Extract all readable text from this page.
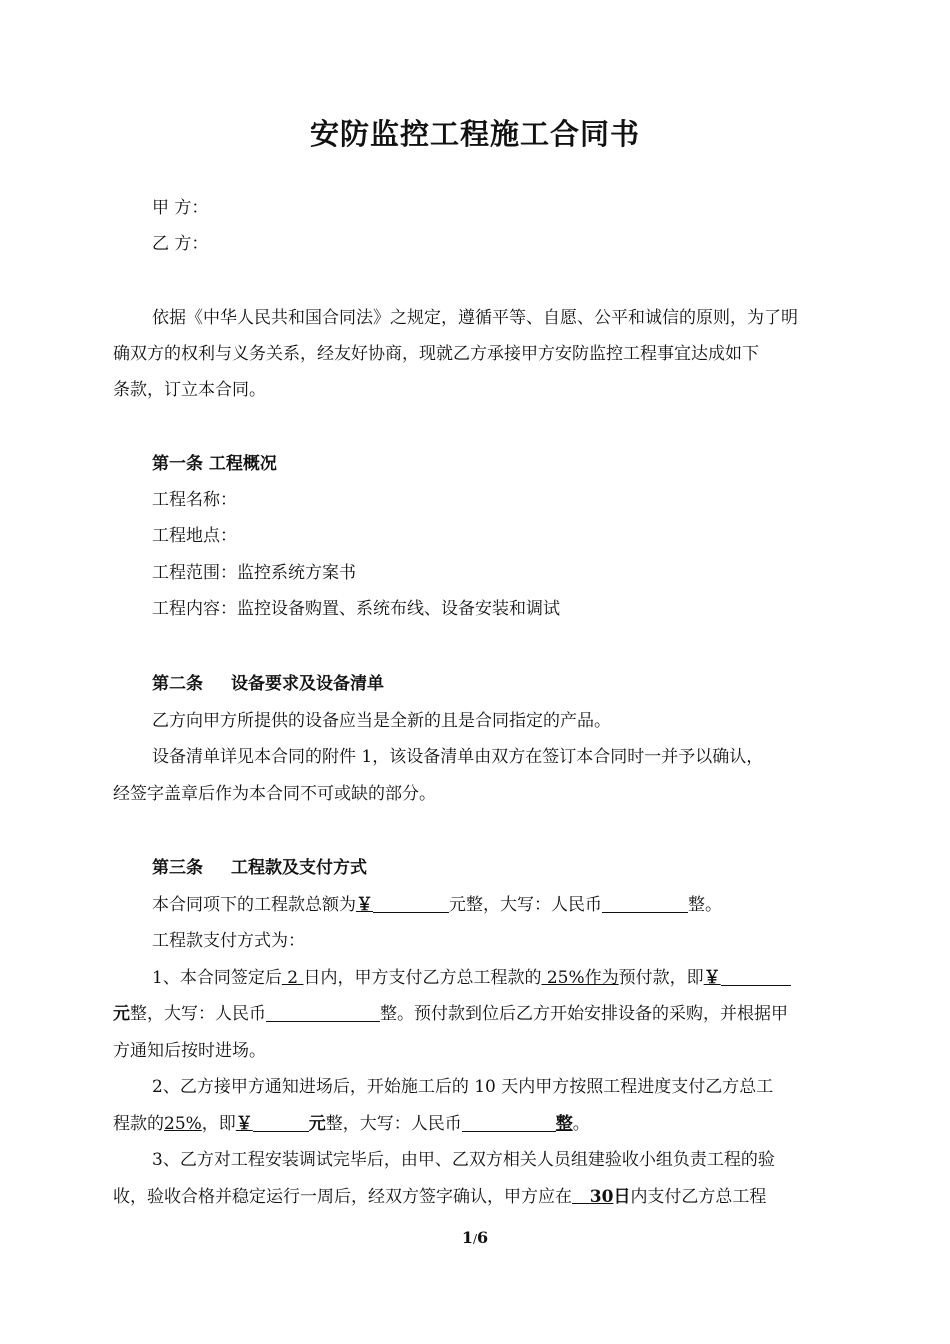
安防监控工程施工合同书
甲 方：
乙 方：
依据《中华人民共和国合同法》之规定，遵循平等、自愿、公平和诚信的原则，为了明
确双方的权利与义务关系，经友好协商，现就乙方承接甲方安防监控工程事宜达成如下
条款，订立本合同。
第一条 工程概况
工程名称：
工程地点：
工程范围：监控系统方案书
工程内容：监控设备购置、系统布线、设备安装和调试
第二条 设备要求及设备清单
乙方向甲方所提供的设备应当是全新的且是合同指定的产品。
设备清单详见本合同的附件 1，该设备清单由双方在签订本合同时一并予以确认，
经签字盖章后作为本合同不可或缺的部分。
第三条 工程款及支付方式
本合同项下的工程款总额为￥	元整，大写：人民币	整。
工程款支付方式为：
1、本合同签定后 2 日内，甲方支付乙方总工程款的 25%作为预付款，即￥
元整，大写：人民币	整。预付款到位后乙方开始安排设备的采购，并根据甲
方通知后按时进场。
2、乙方接甲方通知进场后，开始施工后的 10 天内甲方按照工程进度支付乙方总工
程款的25%，即￥	元整，大写：人民币	整。
3、乙方对工程安装调试完毕后，由甲、乙双方相关人员组建验收小组负责工程的验
收，验收合格并稳定运行一周后，经双方签字确认，甲方应在 30日内支付乙方总工程
1/6
